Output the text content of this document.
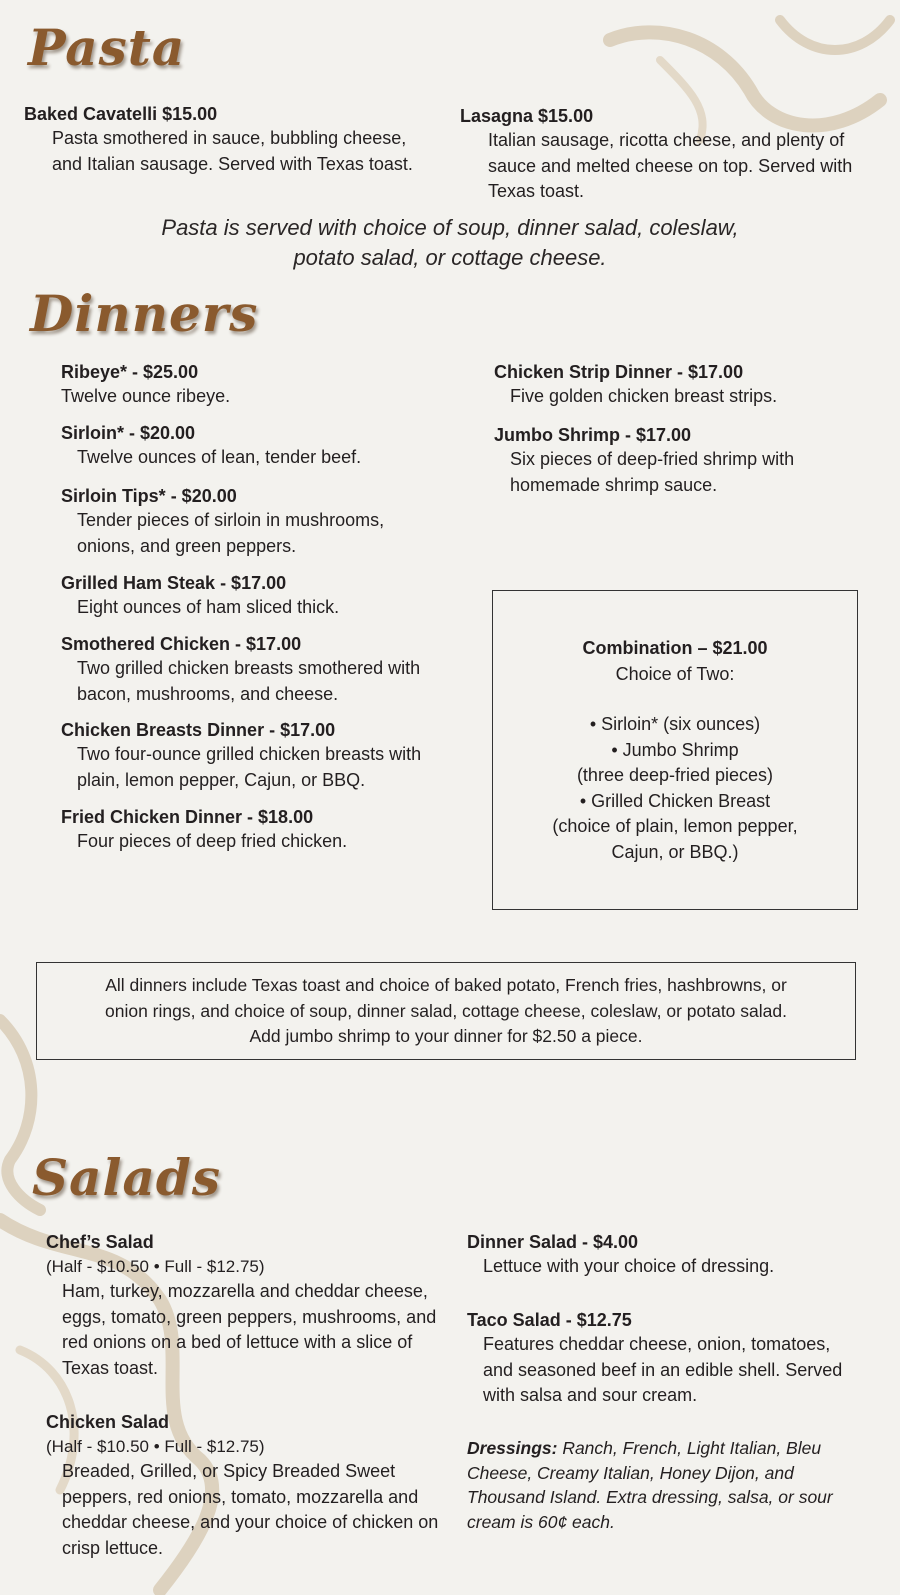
Pasta
Baked Cavatelli $15.00
Pasta smothered in sauce, bubbling cheese, and Italian sausage. Served with Texas toast.
Lasagna $15.00
Italian sausage, ricotta cheese, and plenty of sauce and melted cheese on top. Served with Texas toast.
Pasta is served with choice of soup, dinner salad, coleslaw,
potato salad, or cottage cheese.
Dinners
Ribeye* - $25.00
Twelve ounce ribeye.
Sirloin* - $20.00
Twelve ounces of lean, tender beef.
Sirloin Tips* - $20.00
Tender pieces of sirloin in mushrooms, onions, and green peppers.
Grilled Ham Steak - $17.00
Eight ounces of ham sliced thick.
Smothered Chicken - $17.00
Two grilled chicken breasts smothered with bacon, mushrooms, and cheese.
Chicken Breasts Dinner - $17.00
Two four-ounce grilled chicken breasts with plain, lemon pepper, Cajun, or BBQ.
Fried Chicken Dinner - $18.00
Four pieces of deep fried chicken.
Chicken Strip Dinner - $17.00
Five golden chicken breast strips.
Jumbo Shrimp - $17.00
Six pieces of deep-fried shrimp with homemade shrimp sauce.
Combination – $21.00
Choice of Two:
• Sirloin* (six ounces)
• Jumbo Shrimp
(three deep-fried pieces)
• Grilled Chicken Breast
(choice of plain, lemon pepper,
Cajun, or BBQ.)
All dinners include Texas toast and choice of baked potato, French fries, hashbrowns, or
onion rings, and choice of soup, dinner salad, cottage cheese, coleslaw, or potato salad.
Add jumbo shrimp to your dinner for $2.50 a piece.
Salads
Chef’s Salad
(Half - $10.50 • Full - $12.75)
Ham, turkey, mozzarella and cheddar cheese, eggs, tomato, green peppers, mushrooms, and red onions on a bed of lettuce with a slice of Texas toast.
Chicken Salad
(Half - $10.50 • Full - $12.75)
Breaded, Grilled, or Spicy Breaded Sweet peppers, red onions, tomato, mozzarella and cheddar cheese, and your choice of chicken on crisp lettuce.
Dinner Salad - $4.00
Lettuce with your choice of dressing.
Taco Salad - $12.75
Features cheddar cheese, onion, tomatoes, and seasoned beef in an edible shell. Served with salsa and sour cream.
Dressings: Ranch, French, Light Italian, Bleu Cheese, Creamy Italian, Honey Dijon, and Thousand Island. Extra dressing, salsa, or sour cream is 60¢ each.
